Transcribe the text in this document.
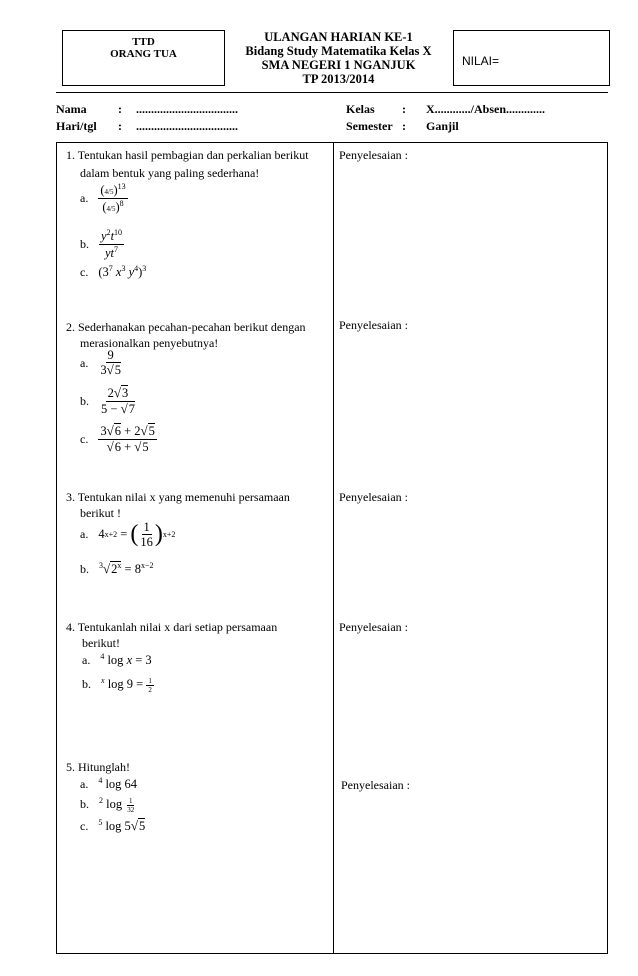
TTD
ORANG TUA
ULANGAN HARIAN KE-1
Bidang Study Matematika Kelas X
SMA NEGERI 1 NGANJUK
TP 2013/2014
NILAI=
Nama	: ..................................	Kelas : X............/Absen.............
Hari/tgl : ..................................	Semester : Ganjil
Penyelesaian :
Penyelesaian :
Penyelesaian :
Penyelesaian :
Penyelesaian :
1. Tentukan hasil pembagian dan perkalian berikut
dalam bentuk yang paling sederhana!
a. $\frac{(4/5)^{13}}{(4/5)^8}$
b. $\frac{y^2t^{10}}{yt^7}$
c. ($3^7$ $x^3$ $y^4)^3$
2. Sederhanakan pecahan-pecahan berikut dengan
merasionalkan penyebutnya!
a. $\frac{9}{3√5}$
b. $\frac{2√3}{5 - √7}$
c. $\frac{3√6 + 2√5}{√6 + √5}$
3. Tentukan nilai x yang memenuhi persamaan
berikut !
a. 4 x+2 = ( $\frac{1}{16}$ ) x+2
b. $^3√2^x = 8^{x-2}$
4. Tentukanlah nilai x dari setiap persamaan
berikut!
a. $^4$ log x = 3
b. $^x$ $\log 9 = \frac{1}{2}$
5. Hitunglah!
a. $^4$ log 64
b. $^2$ $\log \frac{1}{32}$
c. $^5$ log 5√5
